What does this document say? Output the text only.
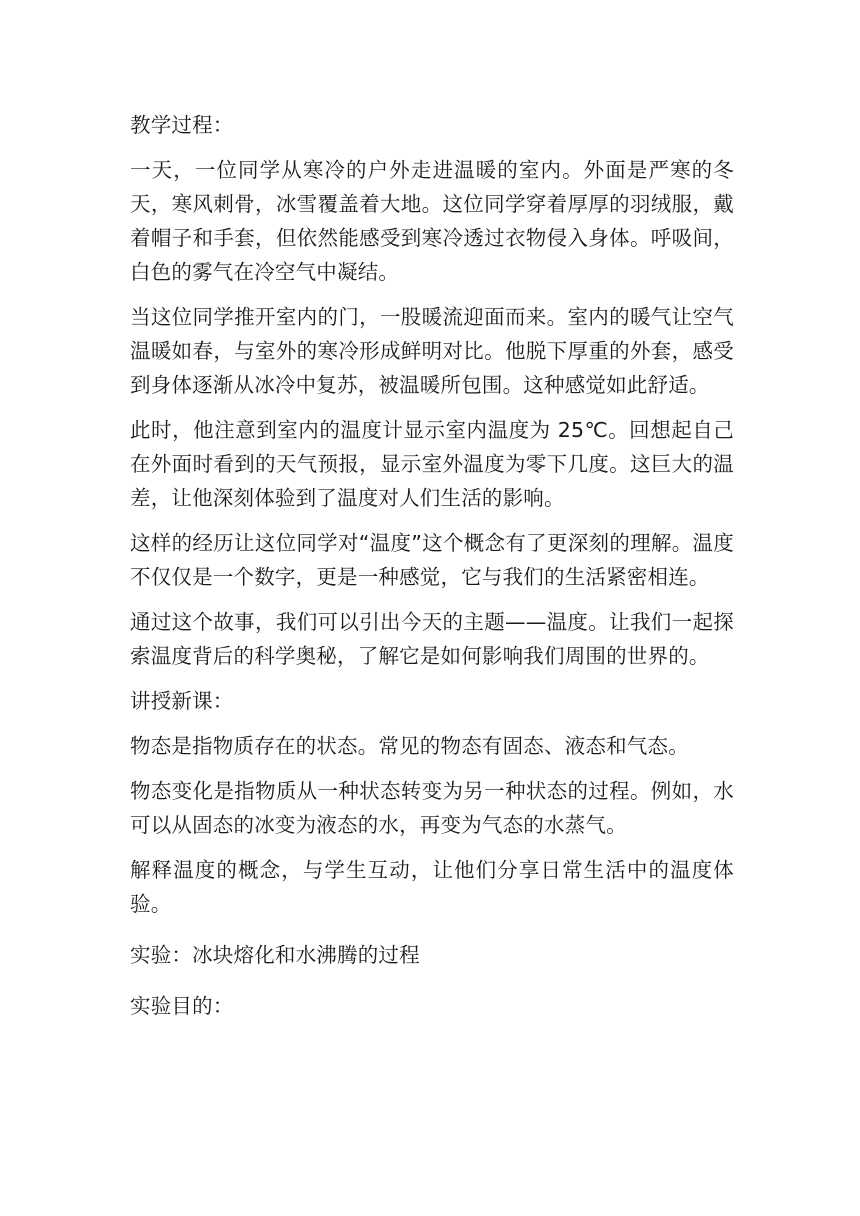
教学过程：

一天，一位同学从寒冷的户外走进温暖的室内。外面是严寒的冬天，寒风刺骨，冰雪覆盖着大地。这位同学穿着厚厚的羽绒服，戴着帽子和手套，但依然能感受到寒冷透过衣物侵入身体。呼吸间，白色的雾气在冷空气中凝结。

当这位同学推开室内的门，一股暖流迎面而来。室内的暖气让空气温暖如春，与室外的寒冷形成鲜明对比。他脱下厚重的外套，感受到身体逐渐从冰冷中复苏，被温暖所包围。这种感觉如此舒适。

此时，他注意到室内的温度计显示室内温度为 25℃。回想起自己在外面时看到的天气预报，显示室外温度为零下几度。这巨大的温差，让他深刻体验到了温度对人们生活的影响。

这样的经历让这位同学对“温度”这个概念有了更深刻的理解。温度不仅仅是一个数字，更是一种感觉，它与我们的生活紧密相连。

通过这个故事，我们可以引出今天的主题——温度。让我们一起探索温度背后的科学奥秘，了解它是如何影响我们周围的世界的。

讲授新课：

物态是指物质存在的状态。常见的物态有固态、液态和气态。

物态变化是指物质从一种状态转变为另一种状态的过程。例如，水可以从固态的冰变为液态的水，再变为气态的水蒸气。

解释温度的概念，与学生互动，让他们分享日常生活中的温度体验。

实验：冰块熔化和水沸腾的过程

实验目的：
